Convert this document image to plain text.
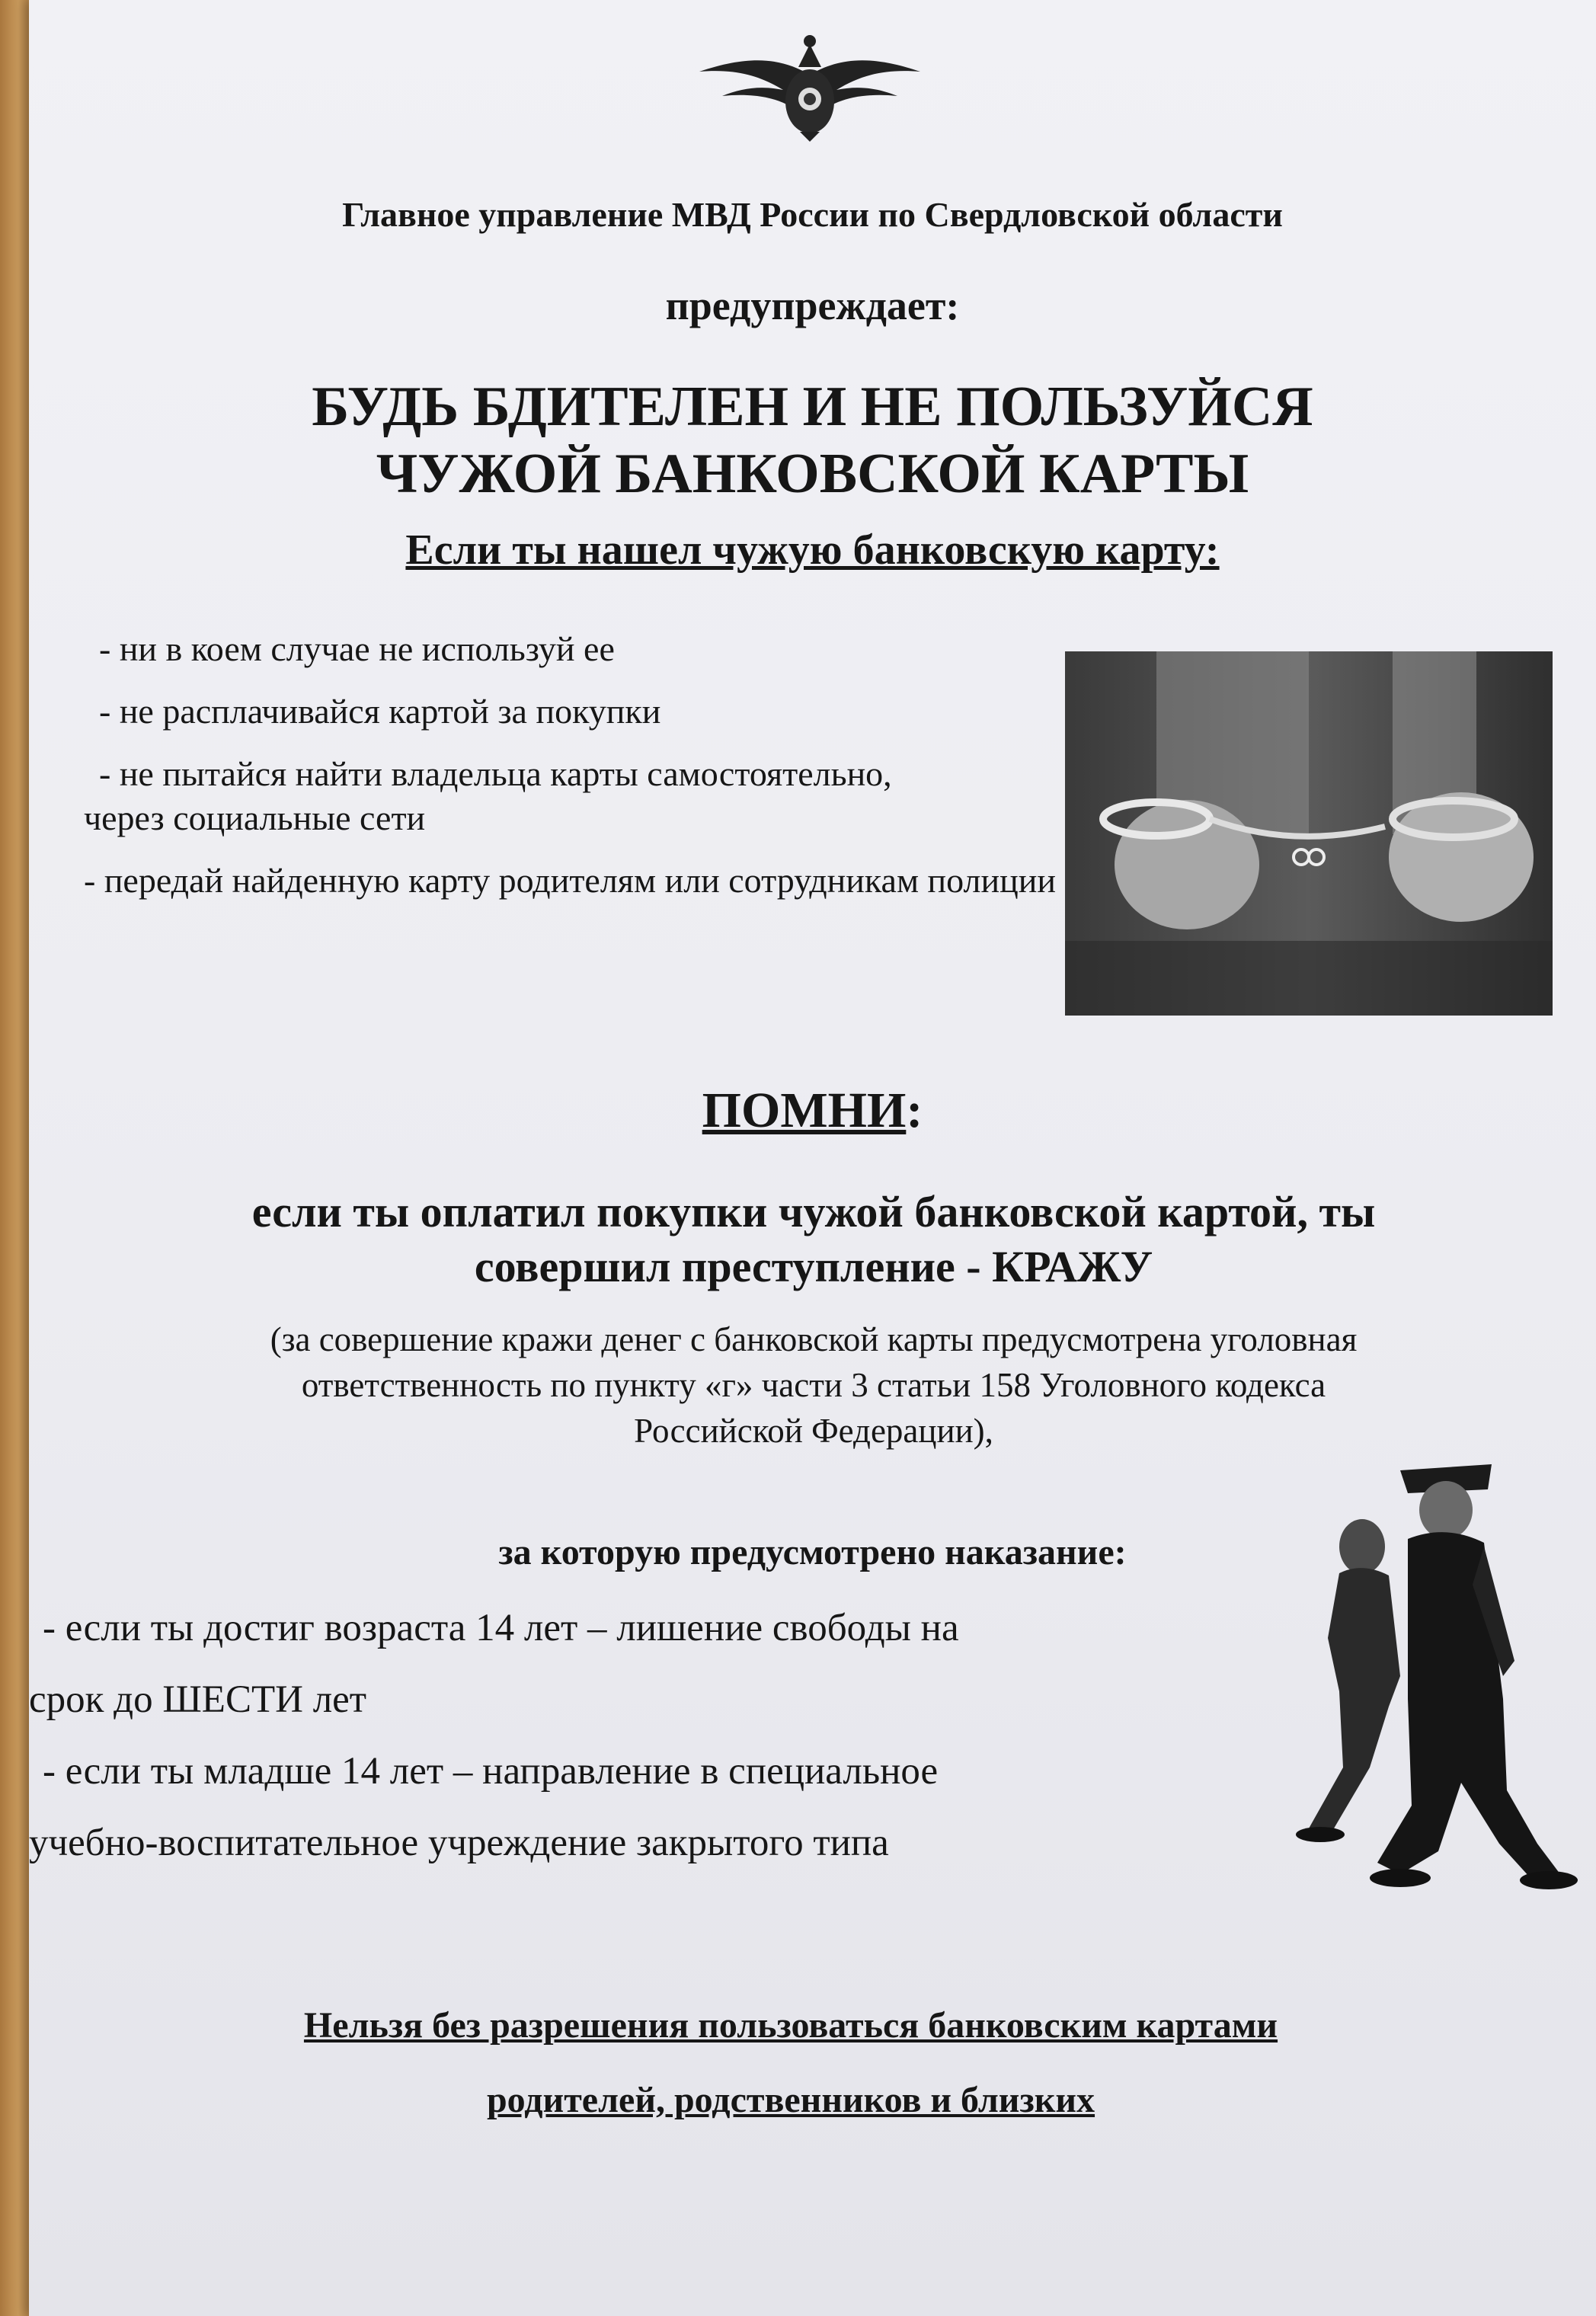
Главное управление МВД России по Свердловской области
предупреждает:
БУДЬ БДИТЕЛЕН И НЕ ПОЛЬЗУЙСЯ
ЧУЖОЙ БАНКОВСКОЙ КАРТЫ
Если ты нашел чужую банковскую карту:
- ни в коем случае не используй ее
- не расплачивайся картой за покупки
- не пытайся найти владельца карты самостоятельно,
через социальные сети
- передай найденную карту родителям или сотрудникам полиции
ПОМНИ:
если ты оплатил покупки чужой банковской картой, ты
совершил преступление - КРАЖУ
(за совершение кражи денег с банковской карты предусмотрена уголовная
ответственность по пункту «г» части 3 статьи 158 Уголовного кодекса
Российской Федерации),
за которую предусмотрено наказание:
- если ты достиг возраста 14 лет – лишение свободы на
срок до ШЕСТИ лет
- если ты младше 14 лет – направление в специальное
учебно-воспитательное учреждение закрытого типа
Нельзя без разрешения пользоваться банковским картами
родителей, родственников и близких
